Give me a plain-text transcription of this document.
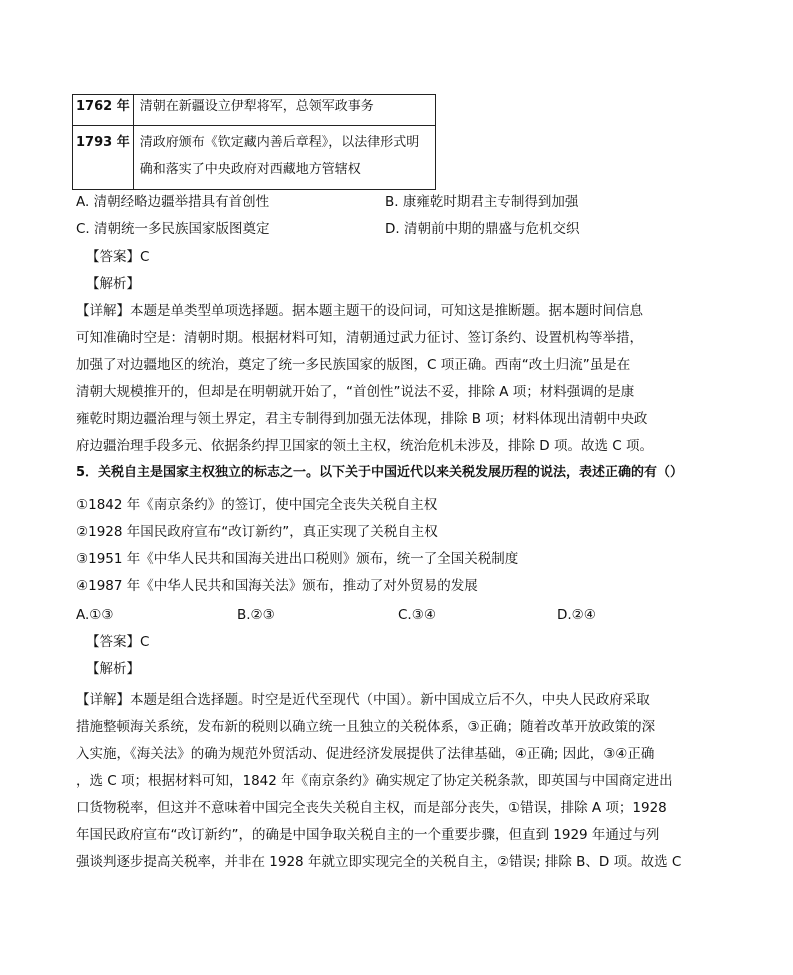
1762 年	清朝在新疆设立伊犁将军，总领军政事务
1793 年	清政府颁布《钦定藏内善后章程》，以法律形式明确和落实了中央政府对西藏地方管辖权
A. 清朝经略边疆举措具有首创性	B. 康雍乾时期君主专制得到加强
C. 清朝统一多民族国家版图奠定	D. 清朝前中期的鼎盛与危机交织
【答案】C
【解析】
【详解】本题是单类型单项选择题。据本题主题干的设问词，可知这是推断题。据本题时间信息
可知准确时空是：清朝时期。根据材料可知，清朝通过武力征讨、签订条约、设置机构等举措，
加强了对边疆地区的统治，奠定了统一多民族国家的版图，C 项正确。西南“改土归流”虽是在
清朝大规模推开的，但却是在明朝就开始了，“首创性”说法不妥，排除 A 项；材料强调的是康
雍乾时期边疆治理与领土界定，君主专制得到加强无法体现，排除 B 项；材料体现出清朝中央政
府边疆治理手段多元、依据条约捍卫国家的领土主权，统治危机未涉及，排除 D 项。故选 C 项。
5．关税自主是国家主权独立的标志之一。以下关于中国近代以来关税发展历程的说法，表述正确的有（）
①1842 年《南京条约》的签订，使中国完全丧失关税自主权
②1928 年国民政府宣布“改订新约”，真正实现了关税自主权
③1951 年《中华人民共和国海关进出口税则》颁布，统一了全国关税制度
④1987 年《中华人民共和国海关法》颁布，推动了对外贸易的发展
A.①③	B.②③	C.③④	D.②④
【答案】C
【解析】
【详解】本题是组合选择题。时空是近代至现代（中国）。新中国成立后不久，中央人民政府采取
措施整顿海关系统，发布新的税则以确立统一且独立的关税体系，③正确；随着改革开放政策的深
入实施，《海关法》的确为规范外贸活动、促进经济发展提供了法律基础，④正确; 因此，③④正确
，选 C 项；根据材料可知，1842 年《南京条约》确实规定了协定关税条款，即英国与中国商定进出
口货物税率，但这并不意味着中国完全丧失关税自主权，而是部分丧失，①错误，排除 A 项；1928
年国民政府宣布“改订新约”，的确是中国争取关税自主的一个重要步骤，但直到 1929 年通过与列
强谈判逐步提高关税率，并非在 1928 年就立即实现完全的关税自主，②错误; 排除 B、D 项。故选 C
